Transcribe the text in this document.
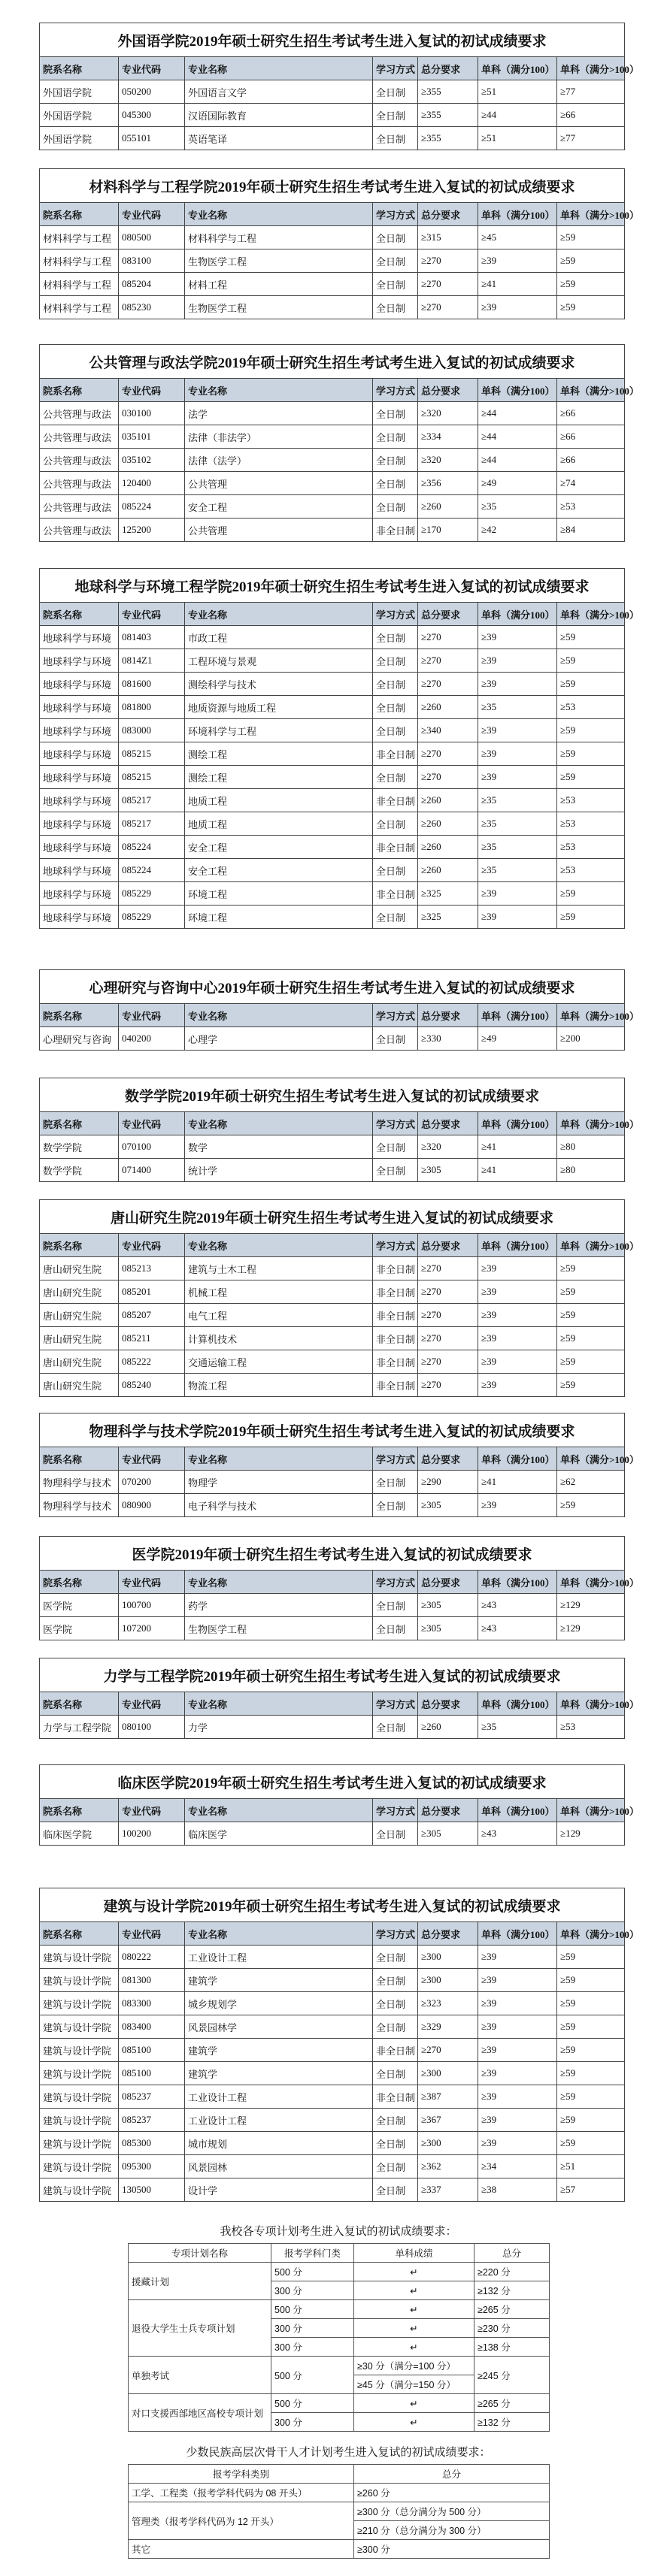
外国语学院2019年硕士研究生招生考试考生进入复试的初试成绩要求						
院系名称	专业代码	专业名称	学习方式	总分要求	单科（满分100）	单科（满分>100）
外国语学院	050200	外国语言文学	全日制	≥355	≥51	≥77
外国语学院	045300	汉语国际教育	全日制	≥355	≥44	≥66
外国语学院	055101	英语笔译	全日制	≥355	≥51	≥77
材料科学与工程学院2019年硕士研究生招生考试考生进入复试的初试成绩要求						
院系名称	专业代码	专业名称	学习方式	总分要求	单科（满分100）	单科（满分>100）
材料科学与工程	080500	材料科学与工程	全日制	≥315	≥45	≥59
材料科学与工程	083100	生物医学工程	全日制	≥270	≥39	≥59
材料科学与工程	085204	材料工程	全日制	≥270	≥41	≥59
材料科学与工程	085230	生物医学工程	全日制	≥270	≥39	≥59
公共管理与政法学院2019年硕士研究生招生考试考生进入复试的初试成绩要求						
院系名称	专业代码	专业名称	学习方式	总分要求	单科（满分100）	单科（满分>100）
公共管理与政法	030100	法学	全日制	≥320	≥44	≥66
公共管理与政法	035101	法律（非法学）	全日制	≥334	≥44	≥66
公共管理与政法	035102	法律（法学）	全日制	≥320	≥44	≥66
公共管理与政法	120400	公共管理	全日制	≥356	≥49	≥74
公共管理与政法	085224	安全工程	全日制	≥260	≥35	≥53
公共管理与政法	125200	公共管理	非全日制	≥170	≥42	≥84
地球科学与环境工程学院2019年硕士研究生招生考试考生进入复试的初试成绩要求						
院系名称	专业代码	专业名称	学习方式	总分要求	单科（满分100）	单科（满分>100）
地球科学与环境	081403	市政工程	全日制	≥270	≥39	≥59
地球科学与环境	0814Z1	工程环境与景观	全日制	≥270	≥39	≥59
地球科学与环境	081600	测绘科学与技术	全日制	≥270	≥39	≥59
地球科学与环境	081800	地质资源与地质工程	全日制	≥260	≥35	≥53
地球科学与环境	083000	环境科学与工程	全日制	≥340	≥39	≥59
地球科学与环境	085215	测绘工程	非全日制	≥270	≥39	≥59
地球科学与环境	085215	测绘工程	全日制	≥270	≥39	≥59
地球科学与环境	085217	地质工程	非全日制	≥260	≥35	≥53
地球科学与环境	085217	地质工程	全日制	≥260	≥35	≥53
地球科学与环境	085224	安全工程	非全日制	≥260	≥35	≥53
地球科学与环境	085224	安全工程	全日制	≥260	≥35	≥53
地球科学与环境	085229	环境工程	非全日制	≥325	≥39	≥59
地球科学与环境	085229	环境工程	全日制	≥325	≥39	≥59
心理研究与咨询中心2019年硕士研究生招生考试考生进入复试的初试成绩要求						
院系名称	专业代码	专业名称	学习方式	总分要求	单科（满分100）	单科（满分>100）
心理研究与咨询	040200	心理学	全日制	≥330	≥49	≥200
数学学院2019年硕士研究生招生考试考生进入复试的初试成绩要求						
院系名称	专业代码	专业名称	学习方式	总分要求	单科（满分100）	单科（满分>100）
数学学院	070100	数学	全日制	≥320	≥41	≥80
数学学院	071400	统计学	全日制	≥305	≥41	≥80
唐山研究生院2019年硕士研究生招生考试考生进入复试的初试成绩要求						
院系名称	专业代码	专业名称	学习方式	总分要求	单科（满分100）	单科（满分>100）
唐山研究生院	085213	建筑与土木工程	非全日制	≥270	≥39	≥59
唐山研究生院	085201	机械工程	非全日制	≥270	≥39	≥59
唐山研究生院	085207	电气工程	非全日制	≥270	≥39	≥59
唐山研究生院	085211	计算机技术	非全日制	≥270	≥39	≥59
唐山研究生院	085222	交通运输工程	非全日制	≥270	≥39	≥59
唐山研究生院	085240	物流工程	非全日制	≥270	≥39	≥59
物理科学与技术学院2019年硕士研究生招生考试考生进入复试的初试成绩要求						
院系名称	专业代码	专业名称	学习方式	总分要求	单科（满分100）	单科（满分>100）
物理科学与技术	070200	物理学	全日制	≥290	≥41	≥62
物理科学与技术	080900	电子科学与技术	全日制	≥305	≥39	≥59
医学院2019年硕士研究生招生考试考生进入复试的初试成绩要求						
院系名称	专业代码	专业名称	学习方式	总分要求	单科（满分100）	单科（满分>100）
医学院	100700	药学	全日制	≥305	≥43	≥129
医学院	107200	生物医学工程	全日制	≥305	≥43	≥129
力学与工程学院2019年硕士研究生招生考试考生进入复试的初试成绩要求						
院系名称	专业代码	专业名称	学习方式	总分要求	单科（满分100）	单科（满分>100）
力学与工程学院	080100	力学	全日制	≥260	≥35	≥53
临床医学院2019年硕士研究生招生考试考生进入复试的初试成绩要求						
院系名称	专业代码	专业名称	学习方式	总分要求	单科（满分100）	单科（满分>100）
临床医学院	100200	临床医学	全日制	≥305	≥43	≥129
建筑与设计学院2019年硕士研究生招生考试考生进入复试的初试成绩要求						
院系名称	专业代码	专业名称	学习方式	总分要求	单科（满分100）	单科（满分>100）
建筑与设计学院	080222	工业设计工程	全日制	≥300	≥39	≥59
建筑与设计学院	081300	建筑学	全日制	≥300	≥39	≥59
建筑与设计学院	083300	城乡规划学	全日制	≥323	≥39	≥59
建筑与设计学院	083400	风景园林学	全日制	≥329	≥39	≥59
建筑与设计学院	085100	建筑学	非全日制	≥270	≥39	≥59
建筑与设计学院	085100	建筑学	全日制	≥300	≥39	≥59
建筑与设计学院	085237	工业设计工程	非全日制	≥387	≥39	≥59
建筑与设计学院	085237	工业设计工程	全日制	≥367	≥39	≥59
建筑与设计学院	085300	城市规划	全日制	≥300	≥39	≥59
建筑与设计学院	095300	风景园林	全日制	≥362	≥34	≥51
建筑与设计学院	130500	设计学	全日制	≥337	≥38	≥57
我校各专项计划考生进入复试的初试成绩要求：
专项计划名称	报考学科门类	单科成绩	总分
援藏计划	500 分	↵	≥220 分
	300 分	↵	≥132 分
退役大学生士兵专项计划	500 分	↵	≥265 分
	300 分	↵	≥230 分
	300 分	↵	≥138 分
单独考试	500 分	≥30 分（满分=100 分）	≥245 分
		≥45 分（满分=150 分）	
对口支援西部地区高校专项计划	500 分	↵	≥265 分
	300 分	↵	≥132 分
少数民族高层次骨干人才计划考生进入复试的初试成绩要求：
报考学科类别	总分
工学、工程类（报考学科代码为 08 开头）	≥260 分
管理类（报考学科代码为 12 开头）	≥300 分（总分满分为 500 分）
	≥210 分（总分满分为 300 分）
其它	≥300 分
